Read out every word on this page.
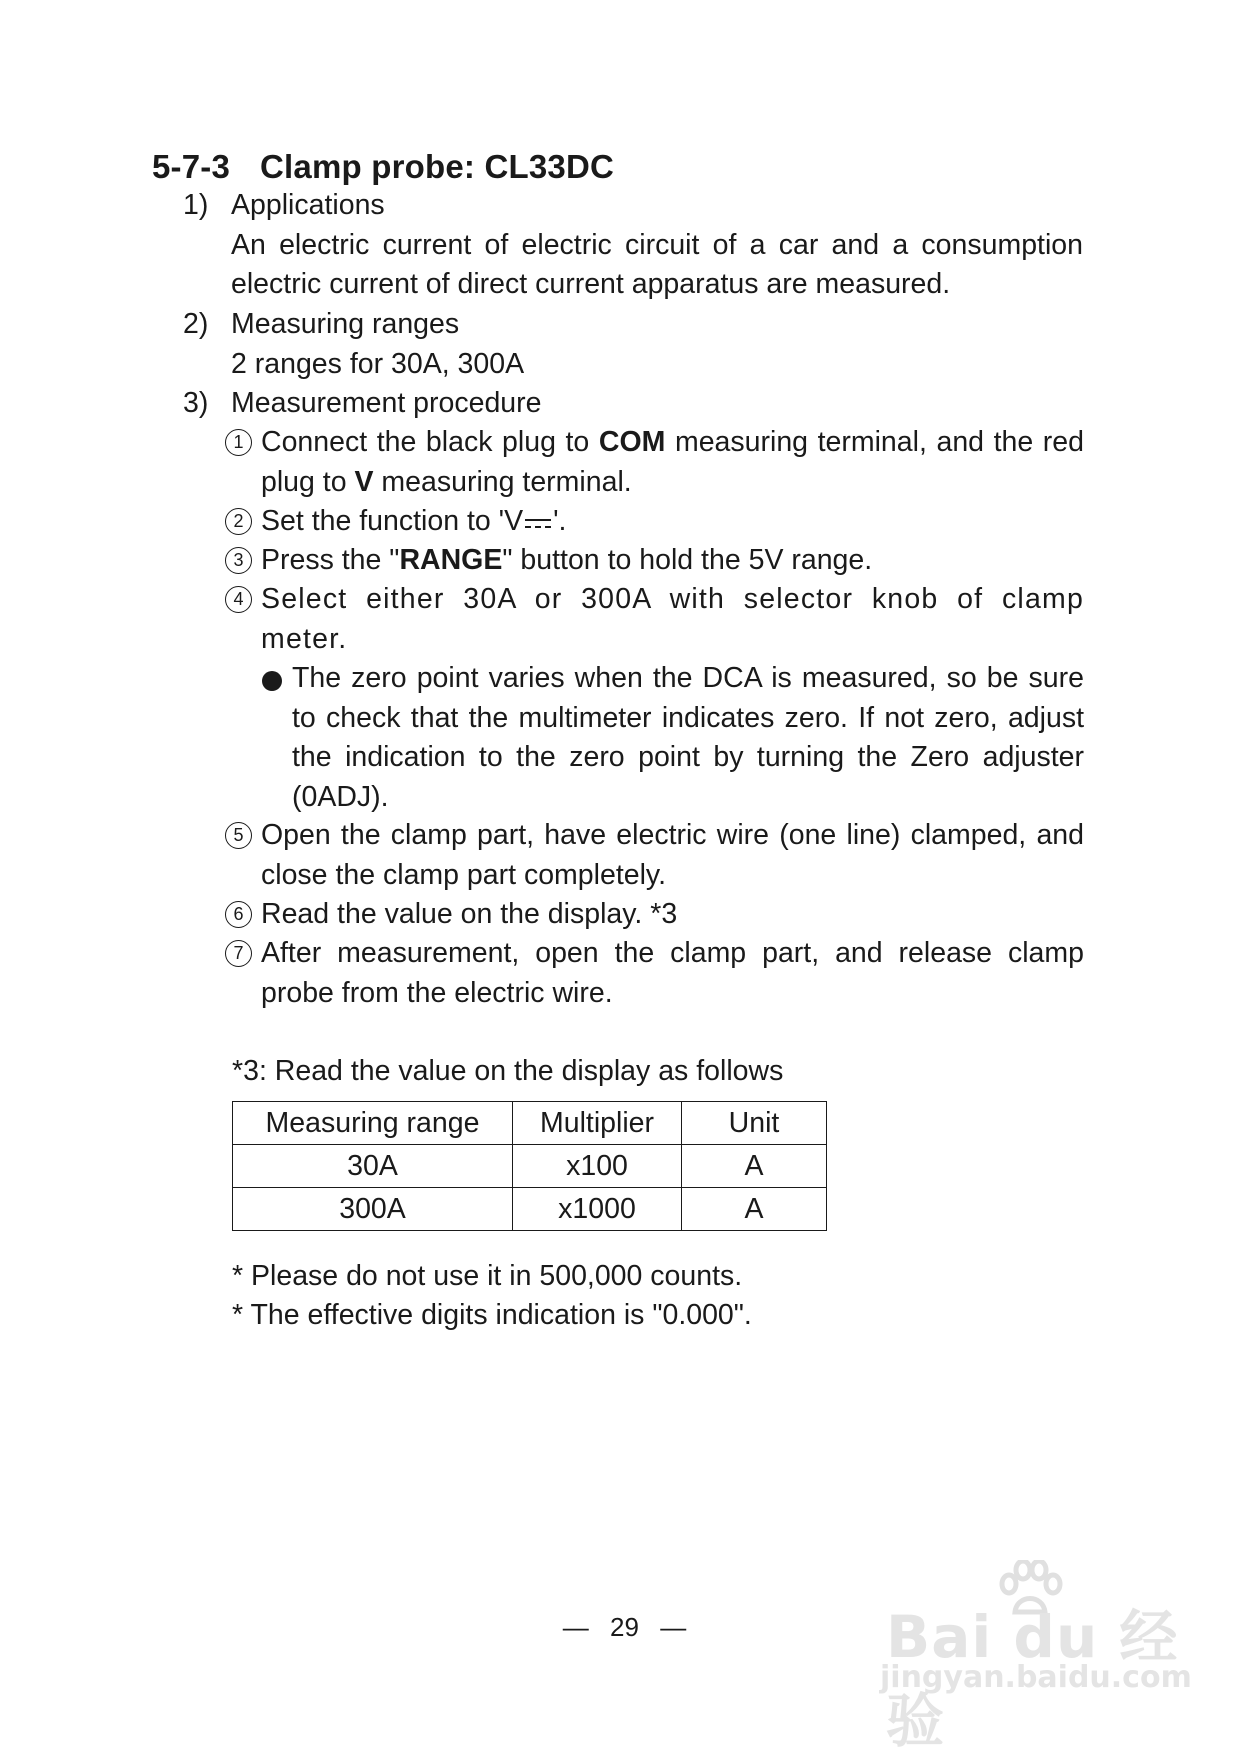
5-7-3 Clamp probe: CL33DC
1) Applications
An electric current of electric circuit of a car and a consumption electric current of direct current apparatus are measured.
2) Measuring ranges
2 ranges for 30A, 300A
3) Measurement procedure
1 Connect the black plug to COM measuring terminal, and the red plug to V measuring terminal.
2 Set the function to 'V '.
3 Press the "RANGE" button to hold the 5V range.
4 Select either 30A or 300A with selector knob of clamp meter.
The zero point varies when the DCA is measured, so be sure to check that the multimeter indicates zero. If not zero, adjust the indication to the zero point by turning the Zero adjuster (0ADJ).
5 Open the clamp part, have electric wire (one line) clamped, and close the clamp part completely.
6 Read the value on the display. *3
7 After measurement, open the clamp part, and release clamp probe from the electric wire.
*3: Read the value on the display as follows
Measuring range	Multiplier	Unit
30A	x100	A
300A	x1000	A
* Please do not use it in 500,000 counts.
* The effective digits indication is "0.000".
— 29 —	Bai du 经验
jingyan.baidu.com
